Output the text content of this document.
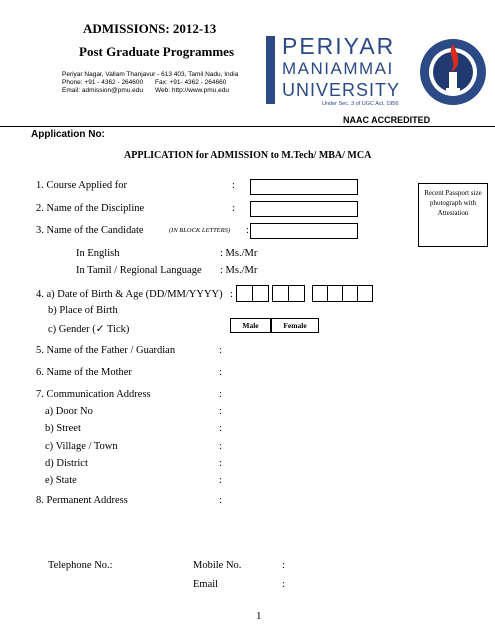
ADMISSIONS: 2012-13
Post Graduate Programmes
Periyar Nagar, Vallam Thanjavur - 613 403, Tamil Nadu, India
Phone: +91 - 4362 - 264600 Fax: +91- 4362 - 264660
Email: admission@pmu.edu Web: http://www.pmu.edu
PERIYAR
MANIAMMAI
UNIVERSITY
Under Sec. 3 of UGC Act, 1956
NAAC ACCREDITED
Application No:
APPLICATION for ADMISSION to M.Tech/ MBA/ MCA
Recent Passport size photograph with Attestation
1. Course Applied for	:
2. Name of the Discipline	:
3. Name of the Candidate	(IN BLOCK LETTERS) :
In English	: Ms./Mr
In Tamil / Regional Language : Ms./Mr
4. a) Date of Birth & Age (DD/MM/YYYY) :
b) Place of Birth
c) Gender (✓ Tick)	Male	Female
5. Name of the Father / Guardian	:
6. Name of the Mother	:
7. Communication Address	:
a) Door No	:
b) Street	:
c) Village / Town	:
d) District	:
e) State	:
8. Permanent Address	:
Telephone No.:	Mobile No.	:
Email	:
1
